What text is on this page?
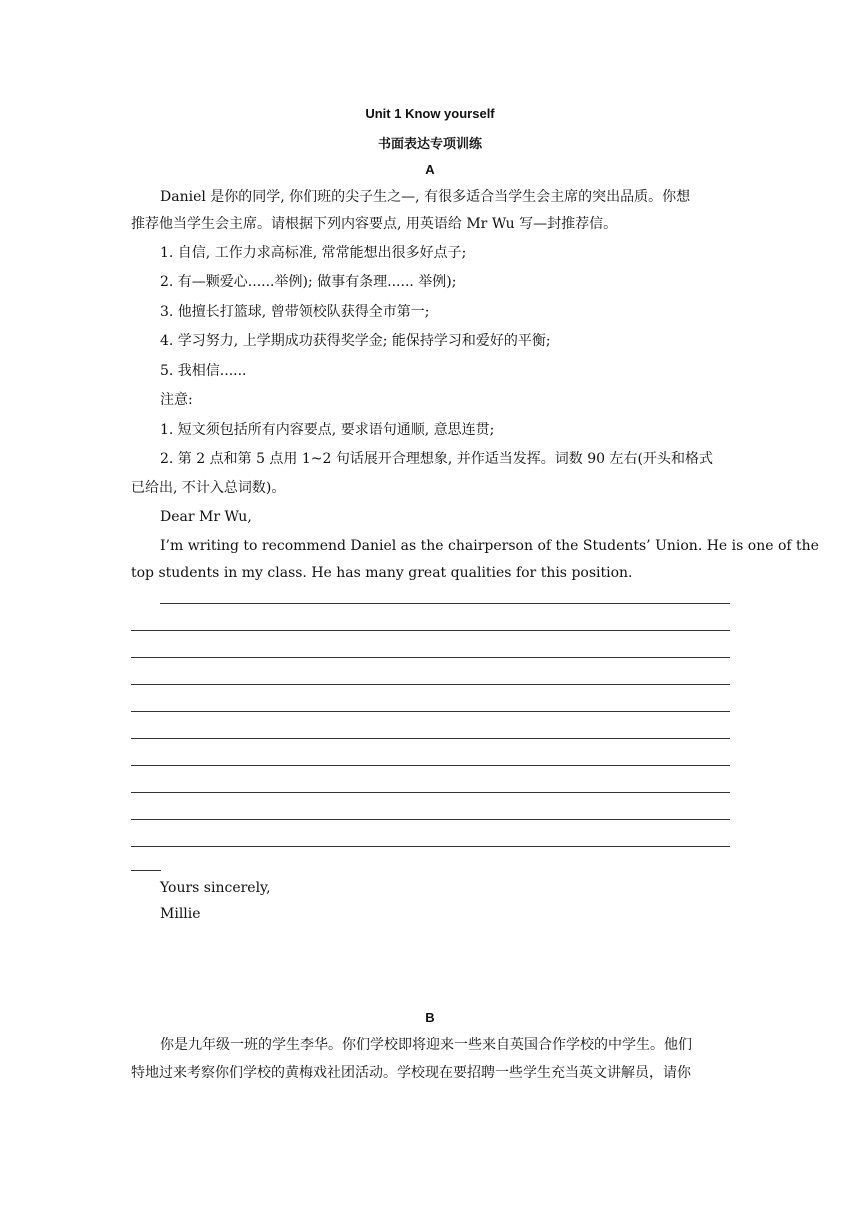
Unit 1 Know yourself
书面表达专项训练
A
Daniel 是你的同学, 你们班的尖子生之—, 有很多适合当学生会主席的突出品质。你想
推荐他当学生会主席。请根据下列内容要点, 用英语给 Mr Wu 写—封推荐信。
1. 自信, 工作力求高标准, 常常能想出很多好点子;
2. 有—颗爱心......举例); 做事有条理...... 举例);
3. 他擅长打篮球, 曾带领校队获得全市第一;
4. 学习努力, 上学期成功获得奖学金; 能保持学习和爱好的平衡;
5. 我相信......
注意:
1. 短文须包括所有内容要点, 要求语句通顺, 意思连贯;
2. 第 2 点和第 5 点用 1~2 句话展开合理想象, 并作适当发挥。词数 90 左右(开头和格式
已给出, 不计入总词数)。
Dear Mr Wu,
I’m writing to recommend Daniel as the chairperson of the Students’ Union. He is one of the
top students in my class. He has many great qualities for this position.
Yours sincerely,
Millie
B
你是九年级一班的学生李华。你们学校即将迎来一些来自英国合作学校的中学生。他们
特地过来考察你们学校的黄梅戏社团活动。学校现在要招聘一些学生充当英文讲解员，请你
